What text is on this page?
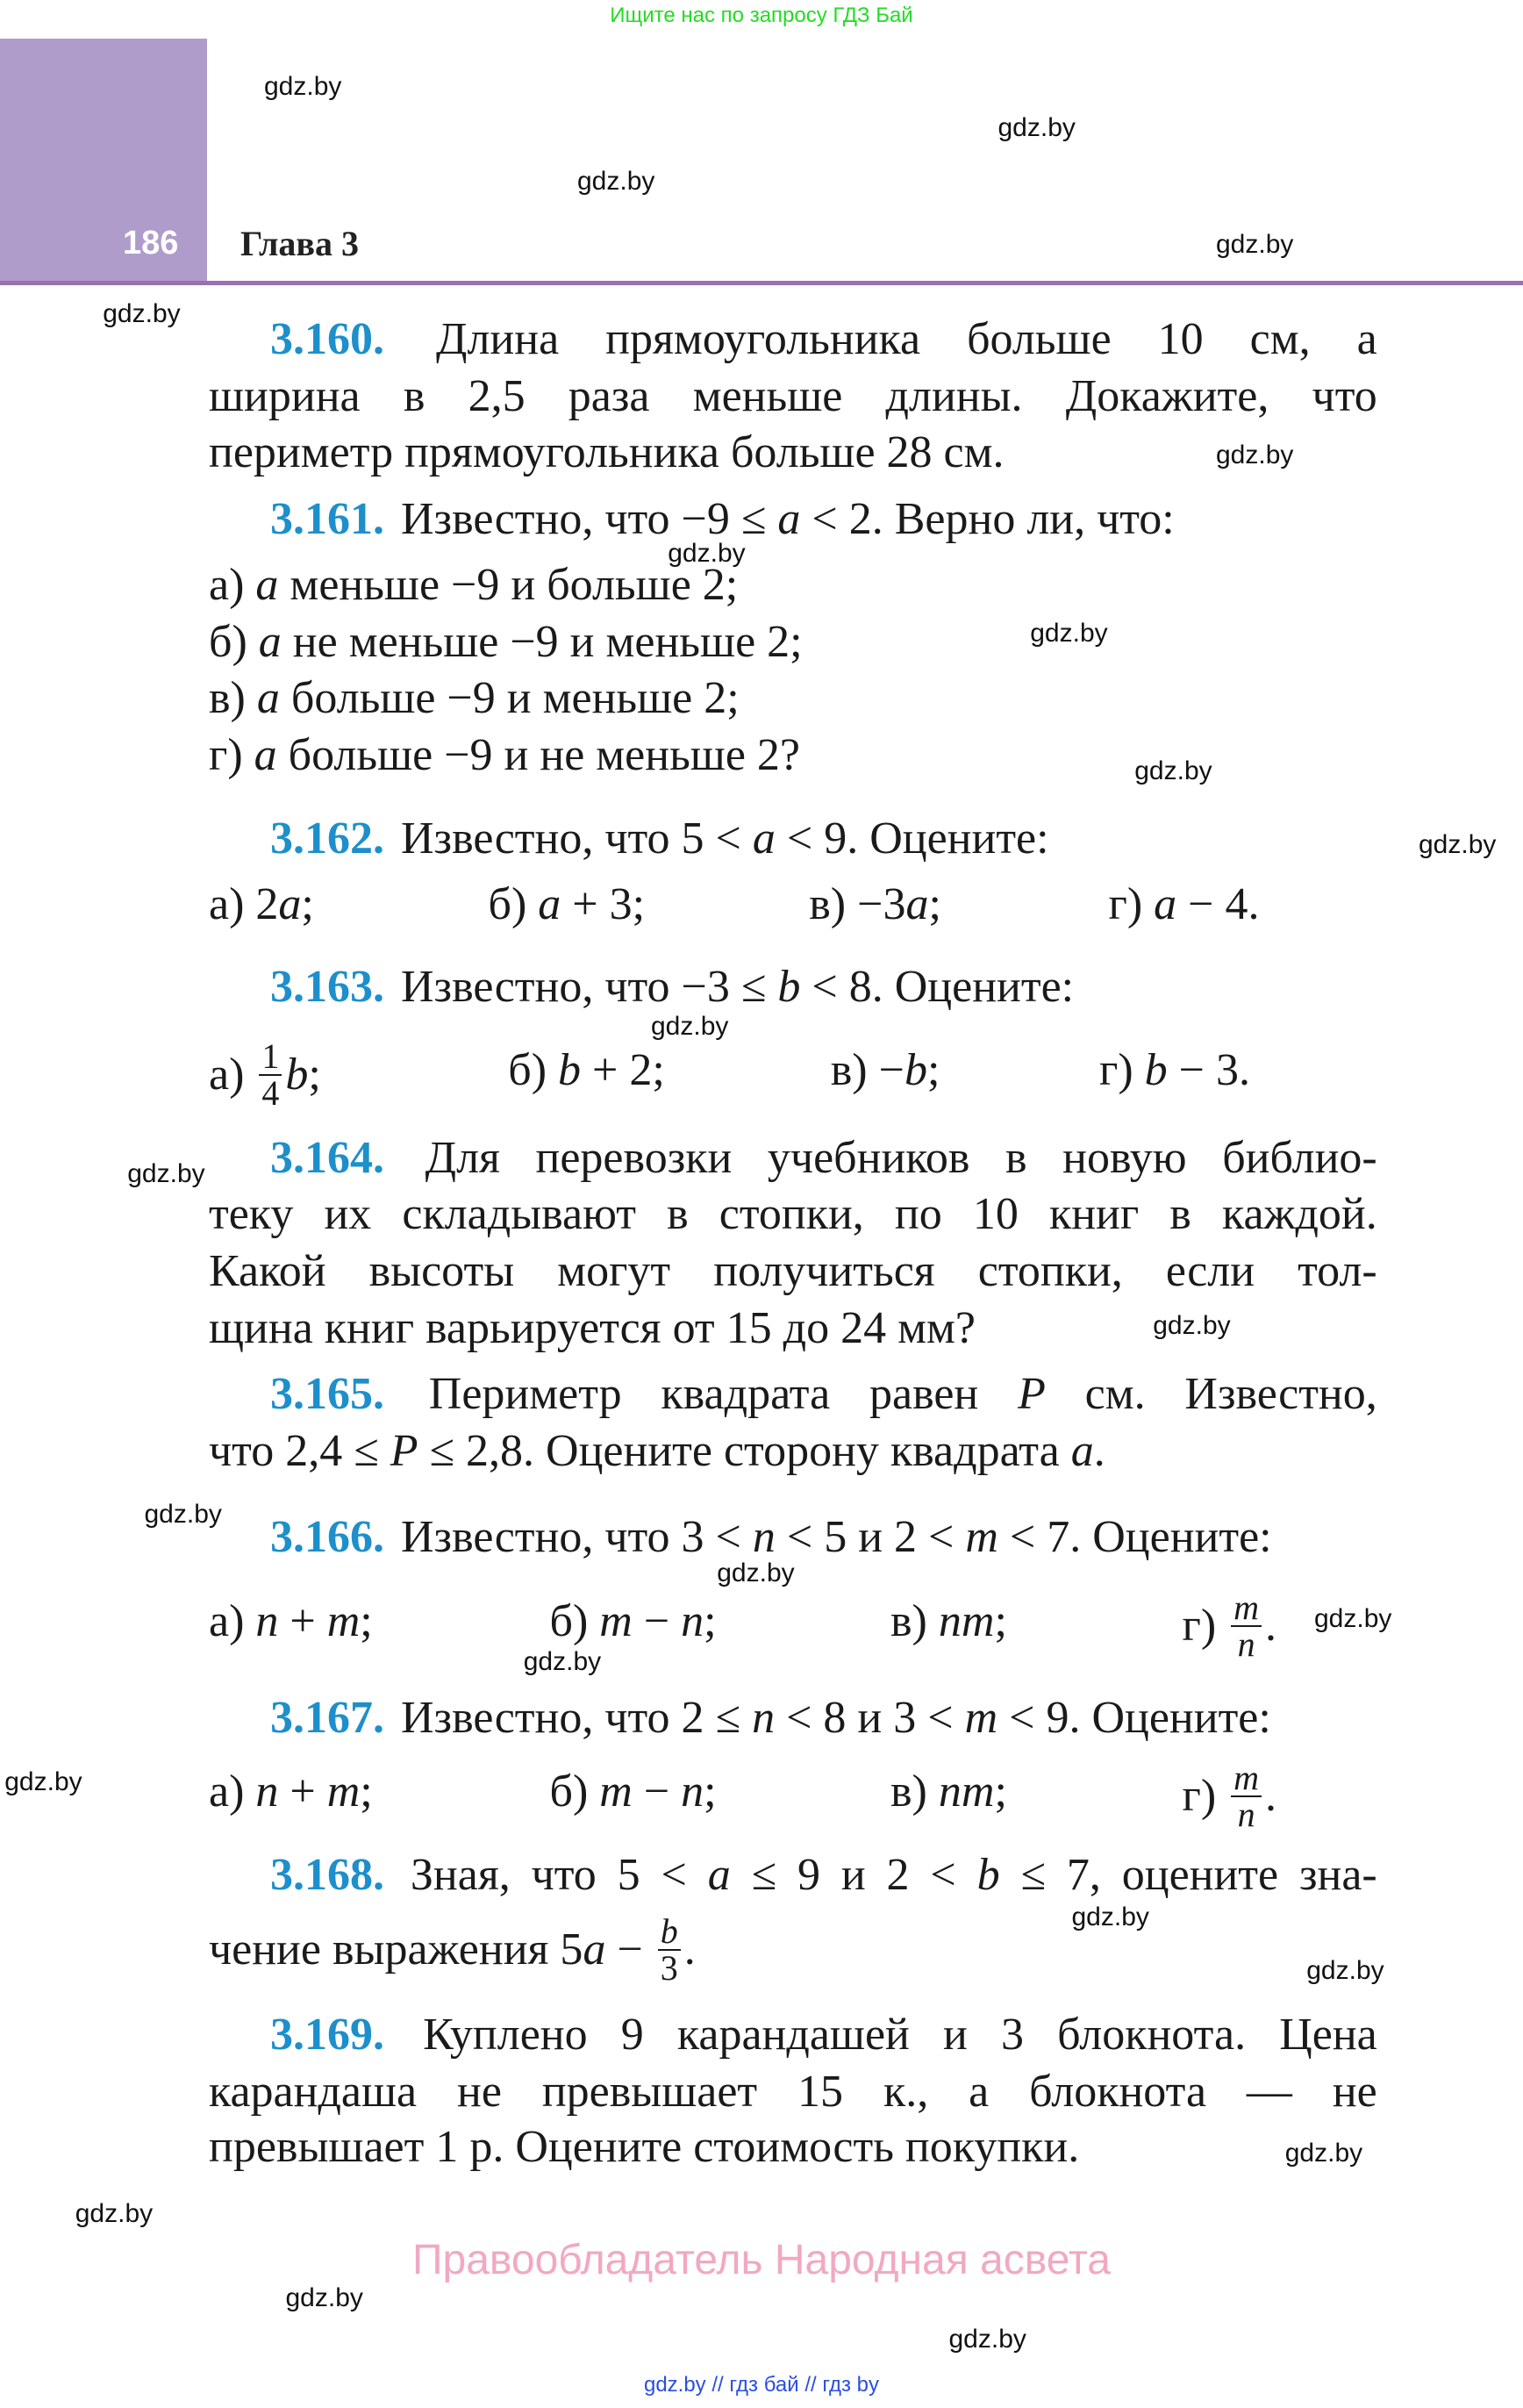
Ищите нас по запросу ГДЗ Бай
186 Глава 3
3.160. Длина прямоугольника больше 10 см, а
ширина в 2,5 раза меньше длины. Докажите, что
периметр прямоугольника больше 28 см.
3.161. Известно, что −9 ≤ a < 2. Верно ли, что:
а) a меньше −9 и больше 2;
б) a не меньше −9 и меньше 2;
в) a больше −9 и меньше 2;
г) a больше −9 и не меньше 2?
3.162. Известно, что 5 < a < 9. Оцените:
а) 2a;	б) a + 3;	в) −3a;	г) a − 4.
3.163. Известно, что −3 ≤ b < 8. Оцените:
$а) \frac{1}{4} b$;	б) b + 2;	в) −b;	г) b − 3.
3.164. Для перевозки учебников в новую библио-
теку их складывают в стопки, по 10 книг в каждой.
Какой высоты могут получиться стопки, если тол-
щина книг варьируется от 15 до 24 мм?
3.165. Периметр квадрата равен P см. Известно,
что 2,4 ≤ P ≤ 2,8. Оцените сторону квадрата a.
3.166. Известно, что 3 < n < 5 и 2 < m < 7. Оцените:
а) n + m;	б) m − n;	в) nm;	$г) \frac{m}{n}$ .
3.167. Известно, что 2 ≤ n < 8 и 3 < m < 9. Оцените:
а) n + m;	б) m − n;	в) nm;	$г) \frac{m}{n}$ .
3.168. Зная, что 5 < a ≤ 9 и 2 < b ≤ 7, оцените зна-
чение выражения $5a - \frac{b}{3}$ .
3.169. Куплено 9 карандашей и 3 блокнота. Цена
карандаша не превышает 15 к., а блокнота — не
превышает 1 р. Оцените стоимость покупки.
gdz.by
gdz.by
gdz.by
gdz.by
gdz.by
gdz.by
gdz.by
gdz.by
gdz.by
gdz.by
gdz.by
gdz.by
gdz.by
gdz.by
gdz.by
gdz.by
gdz.by
gdz.by
gdz.by
gdz.by
gdz.by
gdz.by
gdz.by
gdz.by
Правообладатель Народная асвета
gdz.by // гдз бай // гдз by
